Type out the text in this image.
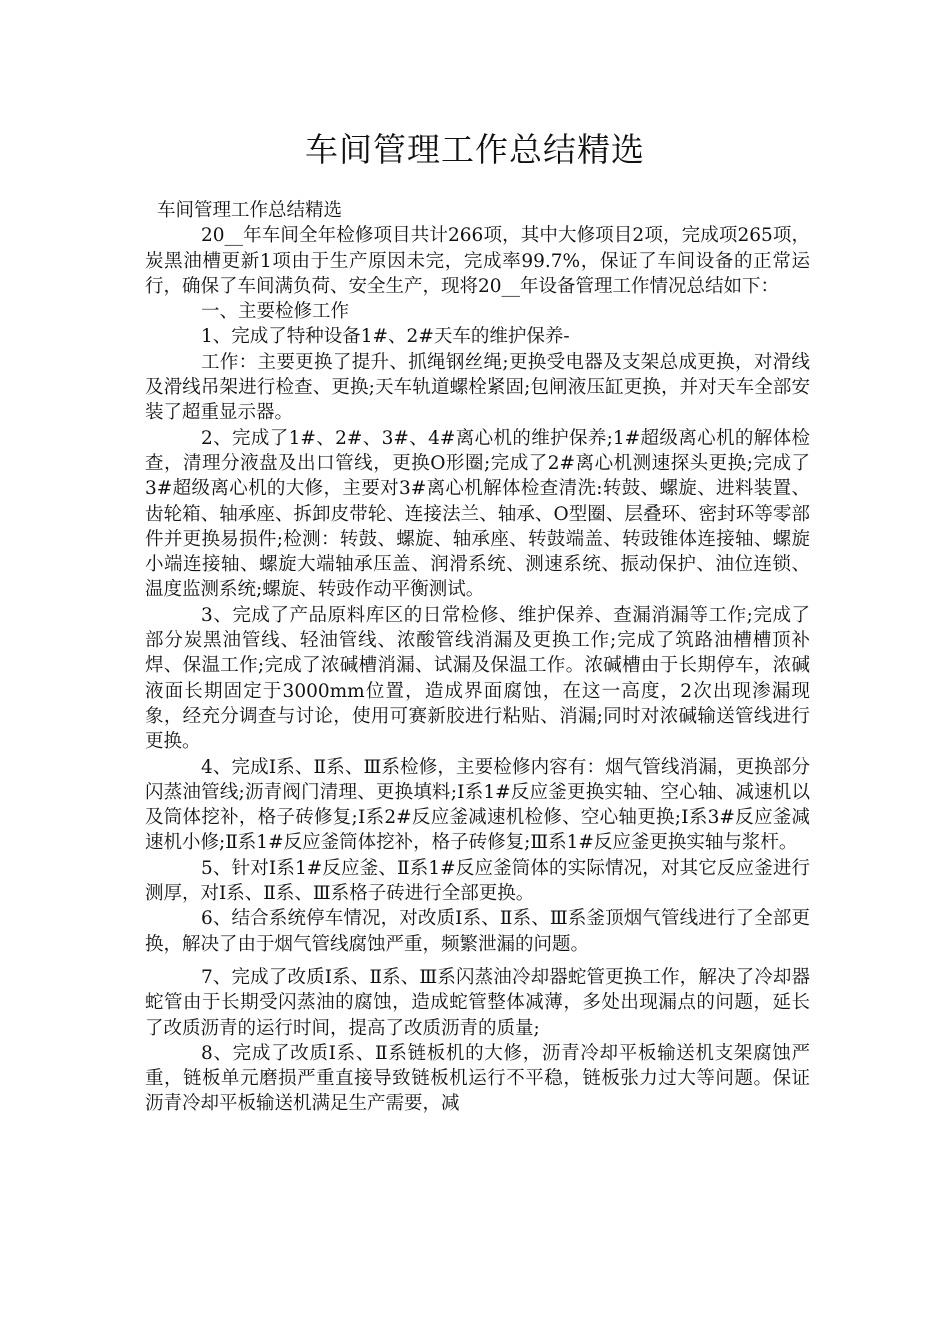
车间管理工作总结精选

车间管理工作总结精选

20__年车间全年检修项目共计266项，其中大修项目2项，完成项265项，炭黑油槽更新1项由于生产原因未完，完成率99.7%，保证了车间设备的正常运行，确保了车间满负荷、安全生产，现将20__年设备管理工作情况总结如下：

一、主要检修工作

1、完成了特种设备1#、2#天车的维护保养-

工作：主要更换了提升、抓绳钢丝绳;更换受电器及支架总成更换，对滑线及滑线吊架进行检查、更换;天车轨道螺栓紧固;包闸液压缸更换，并对天车全部安装了超重显示器。

2、完成了1#、2#、3#、4#离心机的维护保养;1#超级离心机的解体检查，清理分液盘及出口管线，更换O形圈;完成了2#离心机测速探头更换;完成了3#超级离心机的大修，主要对3#离心机解体检查清洗:转鼓、螺旋、进料装置、齿轮箱、轴承座、拆卸皮带轮、连接法兰、轴承、O型圈、层叠环、密封环等零部件并更换易损件;检测：转鼓、螺旋、轴承座、转鼓端盖、转豉锥体连接轴、螺旋小端连接轴、螺旋大端轴承压盖、润滑系统、测速系统、振动保护、油位连锁、温度监测系统;螺旋、转豉作动平衡测试。

3、完成了产品原料库区的日常检修、维护保养、查漏消漏等工作;完成了部分炭黑油管线、轻油管线、浓酸管线消漏及更换工作;完成了筑路油槽槽顶补焊、保温工作;完成了浓碱槽消漏、试漏及保温工作。浓碱槽由于长期停车，浓碱液面长期固定于3000mm位置，造成界面腐蚀，在这一高度，2次出现渗漏现象，经充分调查与讨论，使用可赛新胶进行粘贴、消漏;同时对浓碱输送管线进行更换。

4、完成Ⅰ系、Ⅱ系、Ⅲ系检修，主要检修内容有：烟气管线消漏，更换部分闪蒸油管线;沥青阀门清理、更换填料;Ⅰ系1#反应釜更换实轴、空心轴、减速机以及筒体挖补，格子砖修复;Ⅰ系2#反应釜减速机检修、空心轴更换;Ⅰ系3#反应釜减速机小修;Ⅱ系1#反应釜筒体挖补，格子砖修复;Ⅲ系1#反应釜更换实轴与浆杆。

5、针对Ⅰ系1#反应釜、Ⅱ系1#反应釜筒体的实际情况，对其它反应釜进行测厚，对Ⅰ系、Ⅱ系、Ⅲ系格子砖进行全部更换。

6、结合系统停车情况，对改质Ⅰ系、Ⅱ系、Ⅲ系釜顶烟气管线进行了全部更换，解决了由于烟气管线腐蚀严重，频繁泄漏的问题。

7、完成了改质Ⅰ系、Ⅱ系、Ⅲ系闪蒸油冷却器蛇管更换工作，解决了冷却器蛇管由于长期受闪蒸油的腐蚀，造成蛇管整体减薄，多处出现漏点的问题，延长了改质沥青的运行时间，提高了改质沥青的质量;

8、完成了改质Ⅰ系、Ⅱ系链板机的大修，沥青冷却平板输送机支架腐蚀严重，链板单元磨损严重直接导致链板机运行不平稳，链板张力过大等问题。保证沥青冷却平板输送机满足生产需要，减
